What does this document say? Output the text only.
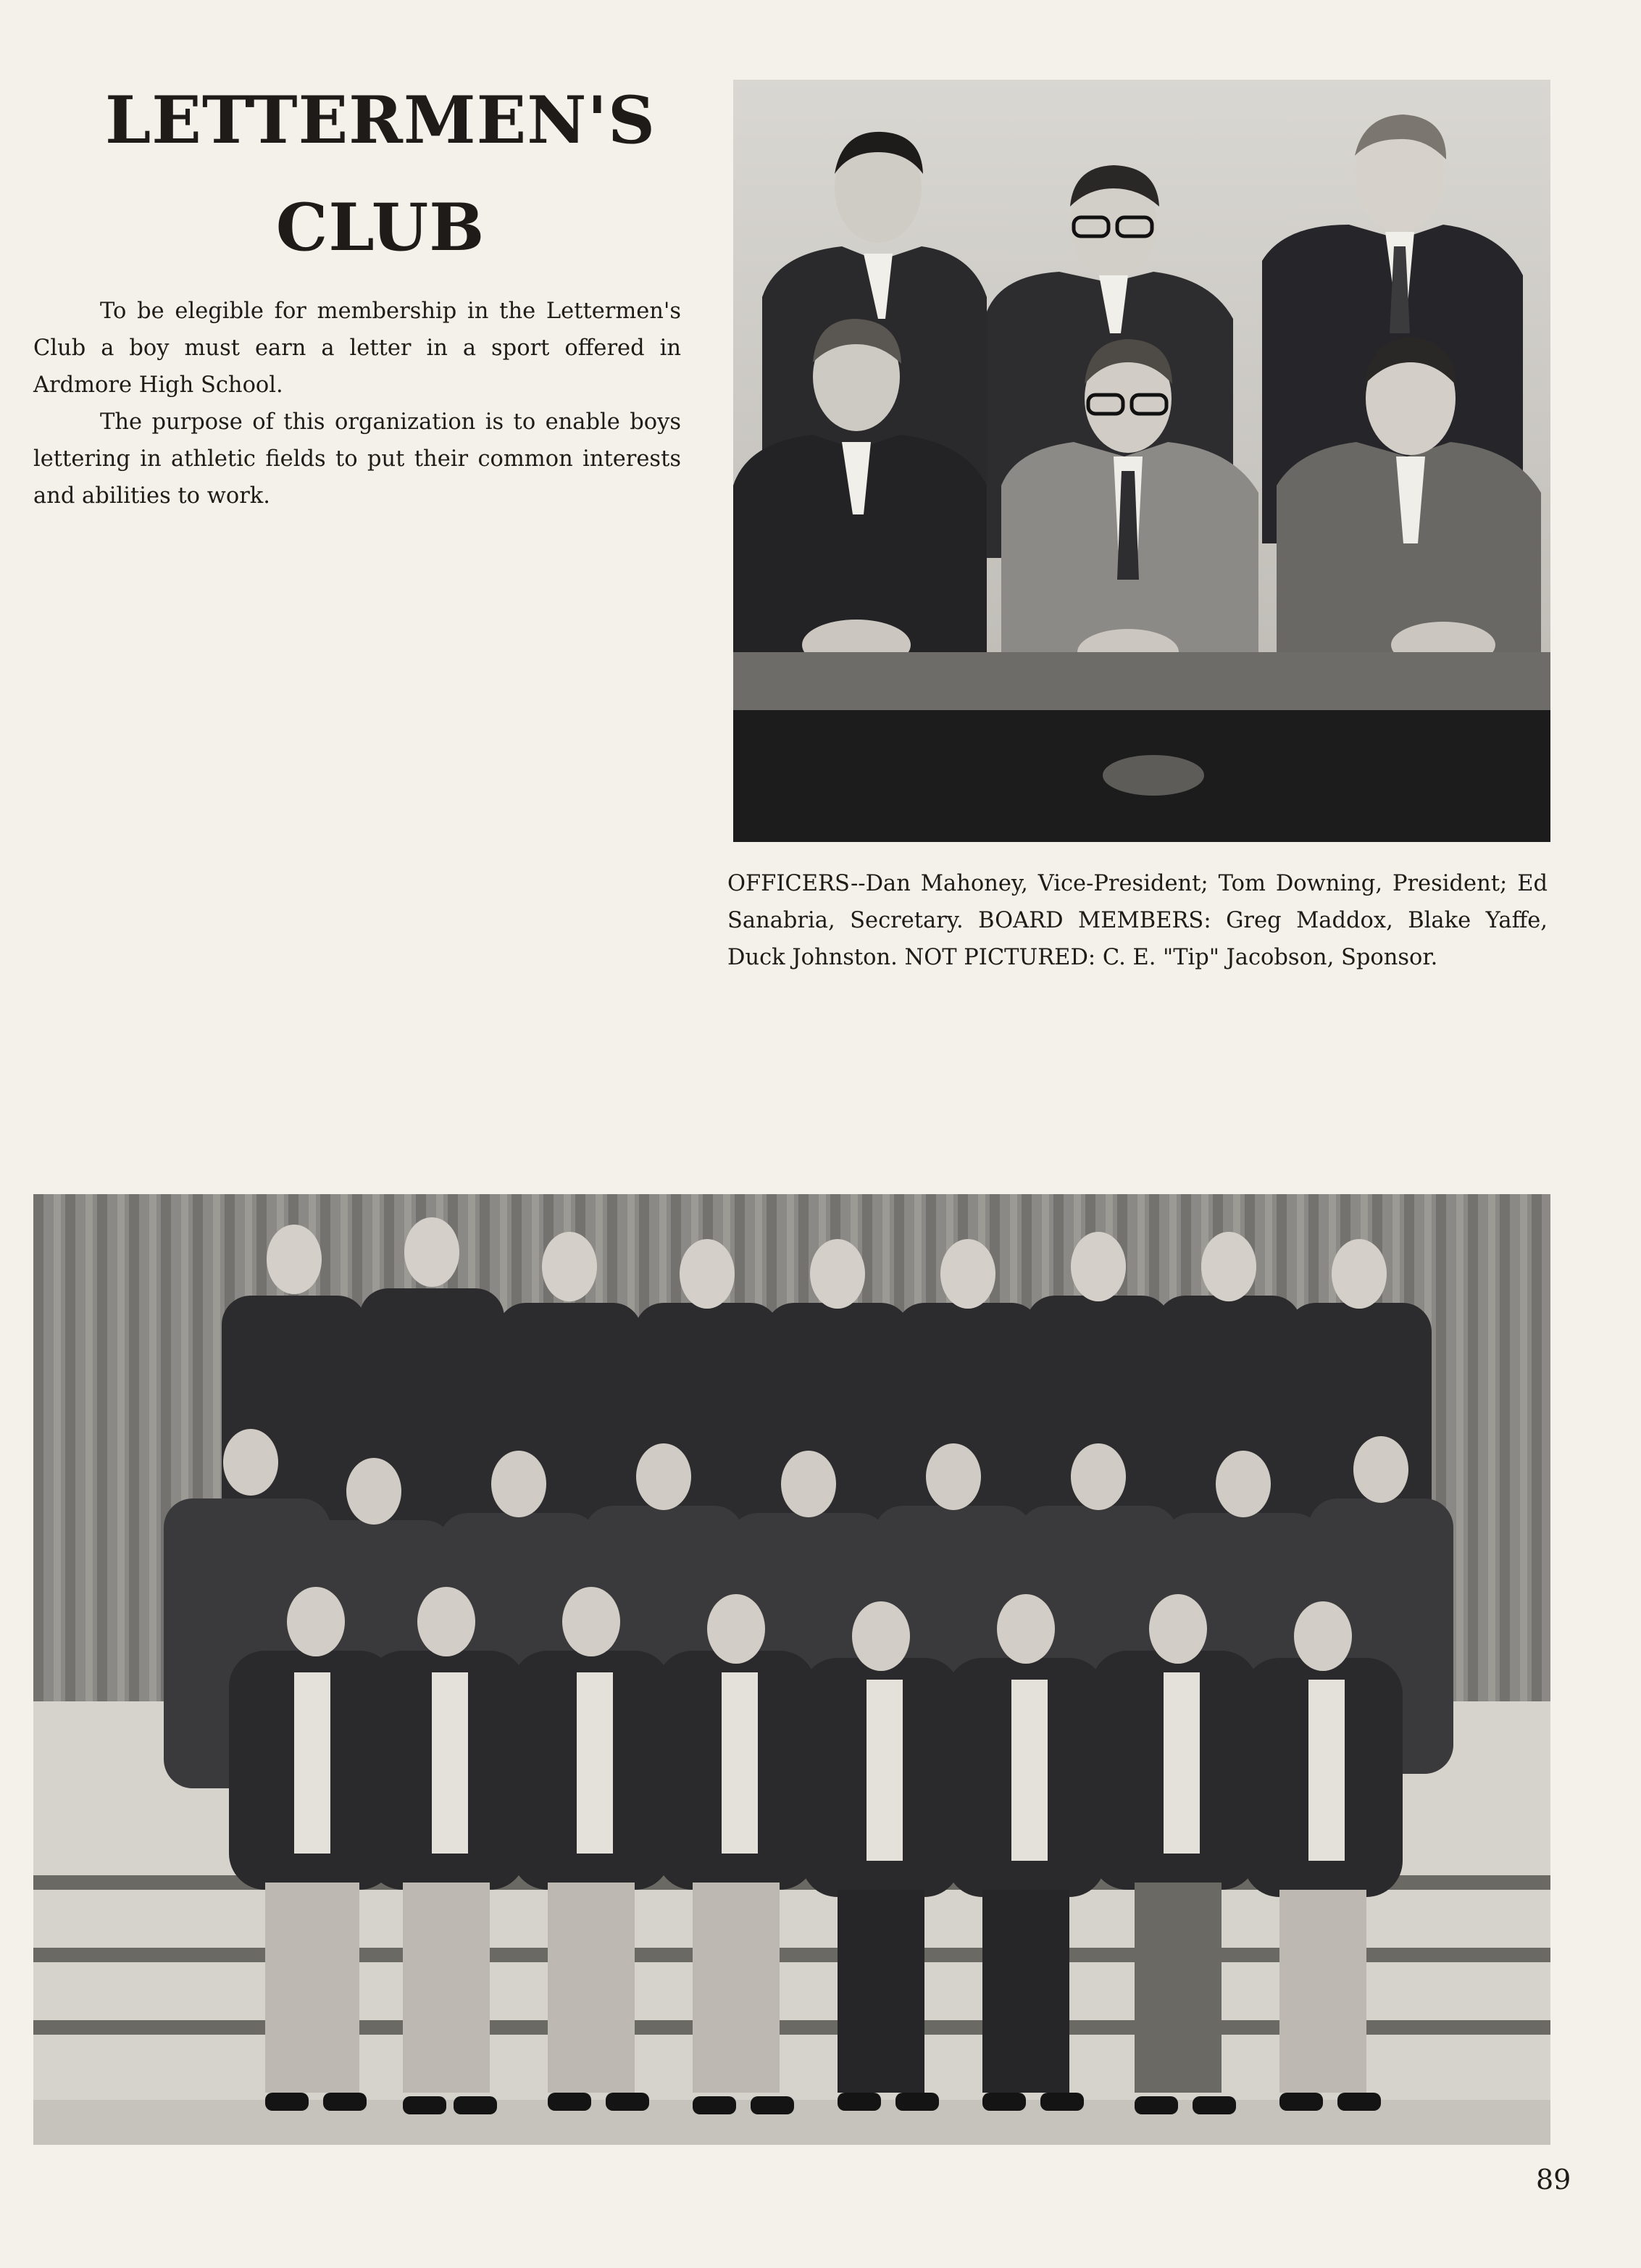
LETTERMEN'S
CLUB

To be elegible for membership in the Lettermen's Club a boy must earn a letter in a sport offered in Ardmore High School.

The purpose of this organization is to enable boys lettering in athletic fields to put their common interests and abilities to work.

OFFICERS--Dan Mahoney, Vice-President; Tom Downing, President; Ed Sanabria, Secretary. BOARD MEMBERS: Greg Maddox, Blake Yaffe, Duck Johnston. NOT PICTURED: C. E. "Tip" Jacobson, Sponsor.
89
